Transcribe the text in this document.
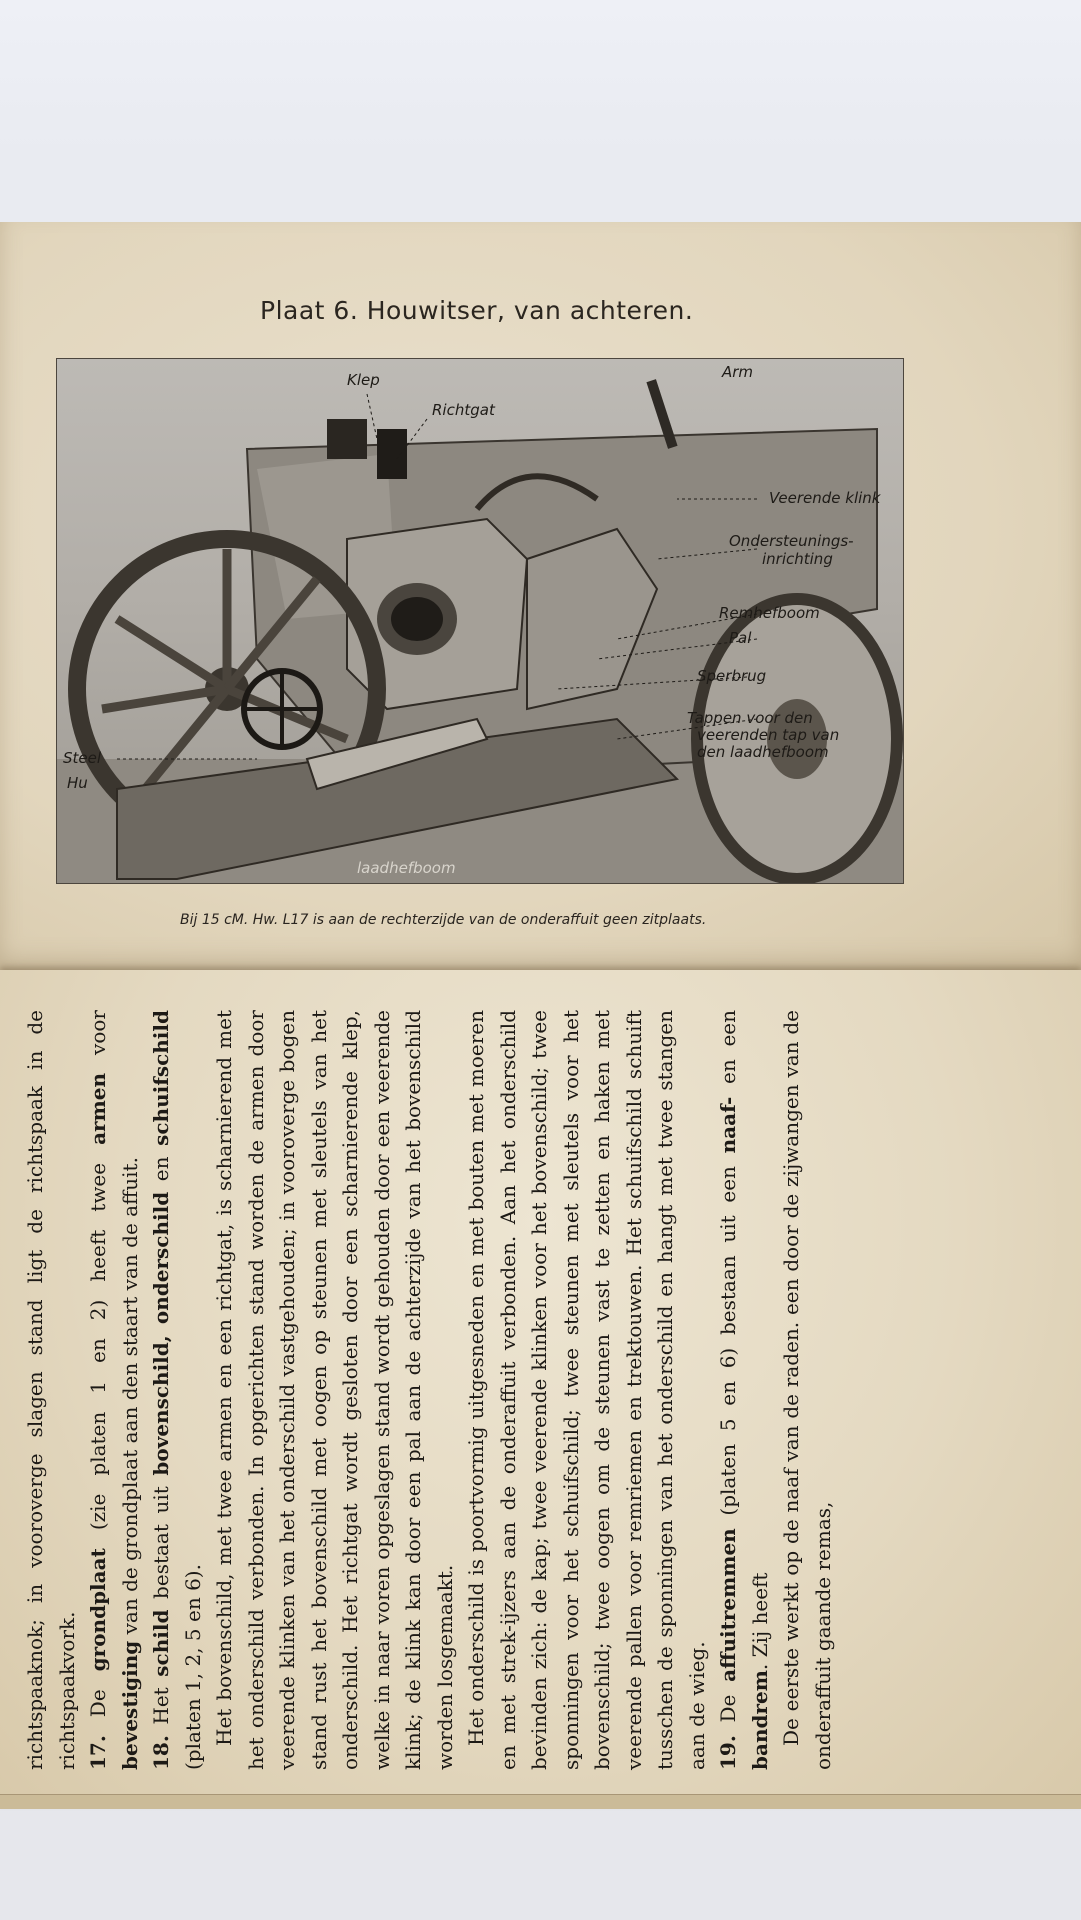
Plaat 6. Houwitser, van achteren.
Klep
Richtgat
Arm
Veerende klink
Ondersteunings-
inrichting
Remhefboom
Pal
Sperbrug
Tappen voor den
veerenden tap van
den laadhefboom
Steel
Hu
laadhefboom
Bij 15 cM. Hw. L17 is aan de rechterzijde van de onderaffuit geen zitplaats.

richtspaaknok; in vooroverge slagen stand ligt de richtspaak in de richtspaakvork. 17. De grondplaat (zie platen 1 en 2) heeft twee armen voor bevestiging van de grondplaat aan den staart van de affuit.

18. Het schild bestaat uit bovenschild, onderschild en schuifschild (platen 1, 2, 5 en 6). Het bovenschild, met twee armen en een richtgat, is scharnierend met het onderschild verbonden. In opgerichten stand worden de armen door veerende klinken van het onderschild vastgehouden; in vooroverge bogen stand rust het bovenschild met oogen op steunen met sleutels van het onderschild. Het richtgat wordt gesloten door een scharnierende klep, welke in naar voren opgeslagen stand wordt gehouden door een veerende klink; de klink kan door een pal aan de achterzijde van het bovenschild worden losgemaakt. Het onderschild is poortvormig uitgesneden en met bouten met moeren en met strek-ijzers aan de onderaffuit verbonden. Aan het onderschild bevinden zich: de kap; twee veerende klinken voor het bovenschild; twee sponningen voor het schuifschild; twee steunen met sleutels voor het bovenschild; twee oogen om de steunen vast te zetten en haken met veerende pallen voor remriemen en trektouwen. Het schuifschild schuift tusschen de sponningen van het onderschild en hangt met twee stangen aan de wieg. 19. De affuitremmen (platen 5 en 6) bestaan uit een naaf- en een bandrem. Zij heeft De eerste werkt op de naaf van de raden. een door de zijwangen van de onderaffuit gaande remas,
